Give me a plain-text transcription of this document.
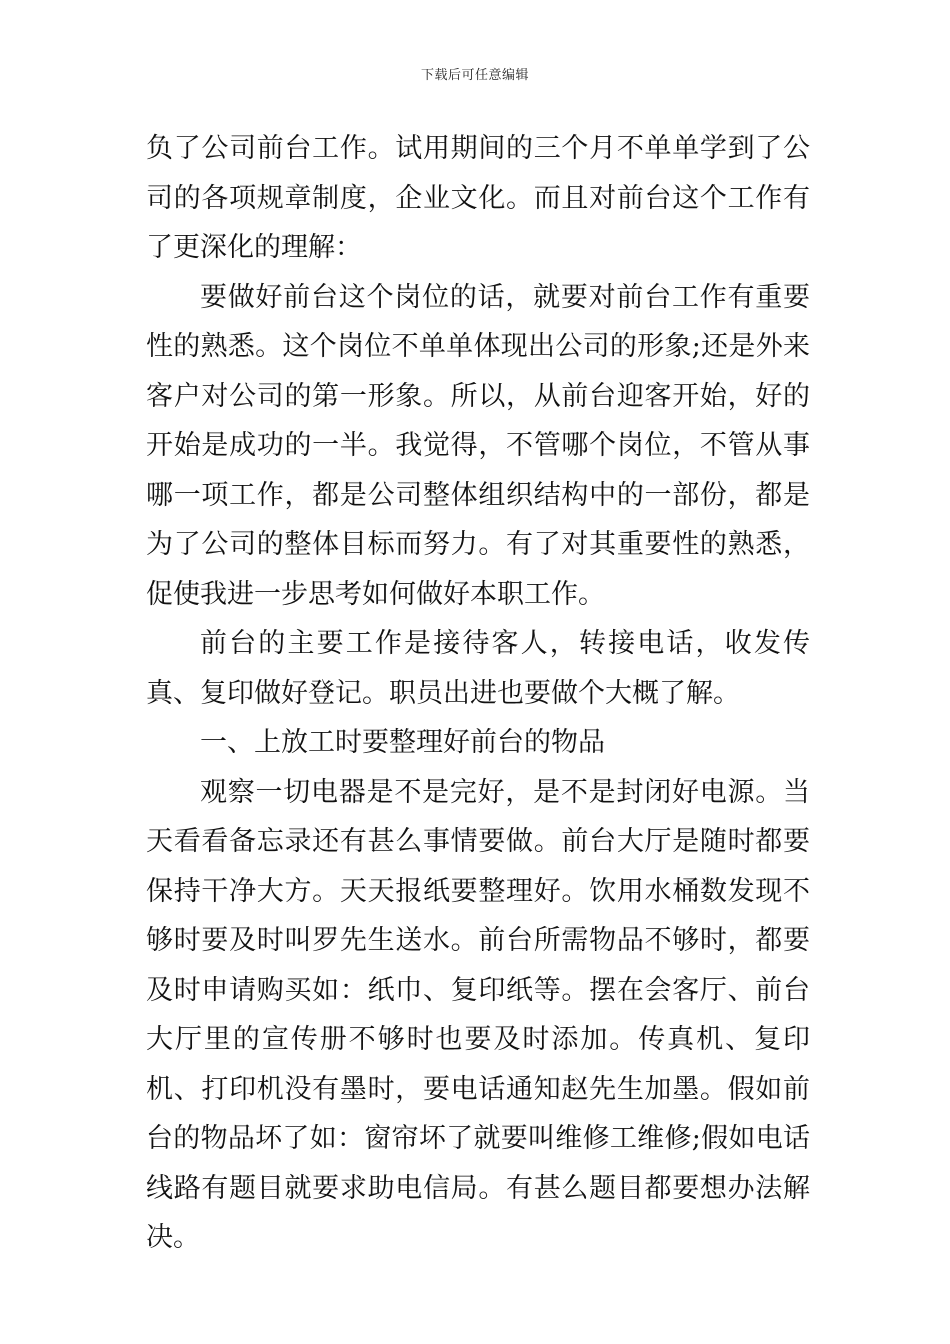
下载后可任意编辑

负了公司前台工作。试用期间的三个月不单单学到了公司的各项规章制度，企业文化。而且对前台这个工作有了更深化的理解：

要做好前台这个岗位的话，就要对前台工作有重要性的熟悉。这个岗位不单单体现出公司的形象;还是外来客户对公司的第一形象。所以，从前台迎客开始，好的开始是成功的一半。我觉得，不管哪个岗位，不管从事哪一项工作，都是公司整体组织结构中的一部份，都是为了公司的整体目标而努力。有了对其重要性的熟悉，促使我进一步思考如何做好本职工作。

前台的主要工作是接待客人，转接电话，收发传真、复印做好登记。职员出进也要做个大概了解。

一、上放工时要整理好前台的物品

观察一切电器是不是完好，是不是封闭好电源。当天看看备忘录还有甚么事情要做。前台大厅是随时都要保持干净大方。天天报纸要整理好。饮用水桶数发现不够时要及时叫罗先生送水。前台所需物品不够时，都要及时申请购买如：纸巾、复印纸等。摆在会客厅、前台大厅里的宣传册不够时也要及时添加。传真机、复印机、打印机没有墨时，要电话通知赵先生加墨。假如前台的物品坏了如：窗帘坏了就要叫维修工维修;假如电话线路有题目就要求助电信局。有甚么题目都要想办法解决。
